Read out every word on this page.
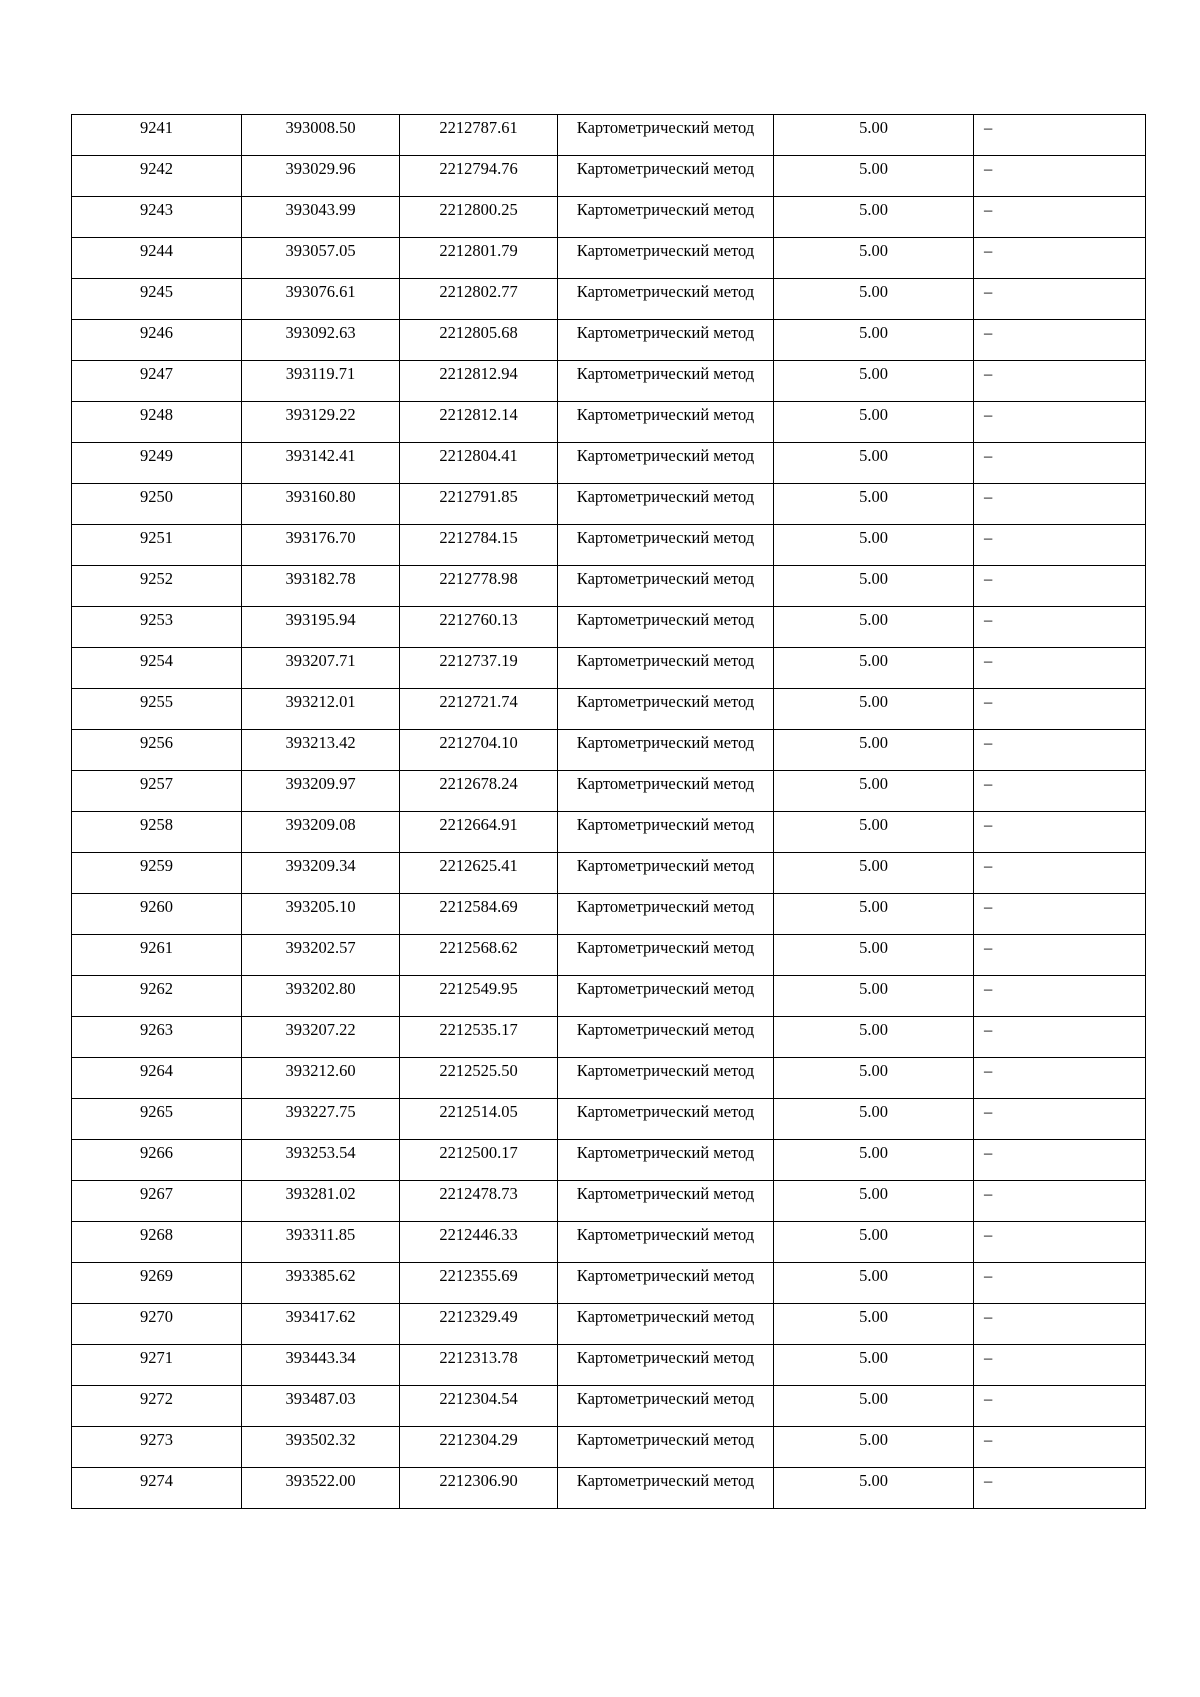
9241	393008.50	2212787.61	Картометрический метод	5.00	–
9242	393029.96	2212794.76	Картометрический метод	5.00	–
9243	393043.99	2212800.25	Картометрический метод	5.00	–
9244	393057.05	2212801.79	Картометрический метод	5.00	–
9245	393076.61	2212802.77	Картометрический метод	5.00	–
9246	393092.63	2212805.68	Картометрический метод	5.00	–
9247	393119.71	2212812.94	Картометрический метод	5.00	–
9248	393129.22	2212812.14	Картометрический метод	5.00	–
9249	393142.41	2212804.41	Картометрический метод	5.00	–
9250	393160.80	2212791.85	Картометрический метод	5.00	–
9251	393176.70	2212784.15	Картометрический метод	5.00	–
9252	393182.78	2212778.98	Картометрический метод	5.00	–
9253	393195.94	2212760.13	Картометрический метод	5.00	–
9254	393207.71	2212737.19	Картометрический метод	5.00	–
9255	393212.01	2212721.74	Картометрический метод	5.00	–
9256	393213.42	2212704.10	Картометрический метод	5.00	–
9257	393209.97	2212678.24	Картометрический метод	5.00	–
9258	393209.08	2212664.91	Картометрический метод	5.00	–
9259	393209.34	2212625.41	Картометрический метод	5.00	–
9260	393205.10	2212584.69	Картометрический метод	5.00	–
9261	393202.57	2212568.62	Картометрический метод	5.00	–
9262	393202.80	2212549.95	Картометрический метод	5.00	–
9263	393207.22	2212535.17	Картометрический метод	5.00	–
9264	393212.60	2212525.50	Картометрический метод	5.00	–
9265	393227.75	2212514.05	Картометрический метод	5.00	–
9266	393253.54	2212500.17	Картометрический метод	5.00	–
9267	393281.02	2212478.73	Картометрический метод	5.00	–
9268	393311.85	2212446.33	Картометрический метод	5.00	–
9269	393385.62	2212355.69	Картометрический метод	5.00	–
9270	393417.62	2212329.49	Картометрический метод	5.00	–
9271	393443.34	2212313.78	Картометрический метод	5.00	–
9272	393487.03	2212304.54	Картометрический метод	5.00	–
9273	393502.32	2212304.29	Картометрический метод	5.00	–
9274	393522.00	2212306.90	Картометрический метод	5.00	–
